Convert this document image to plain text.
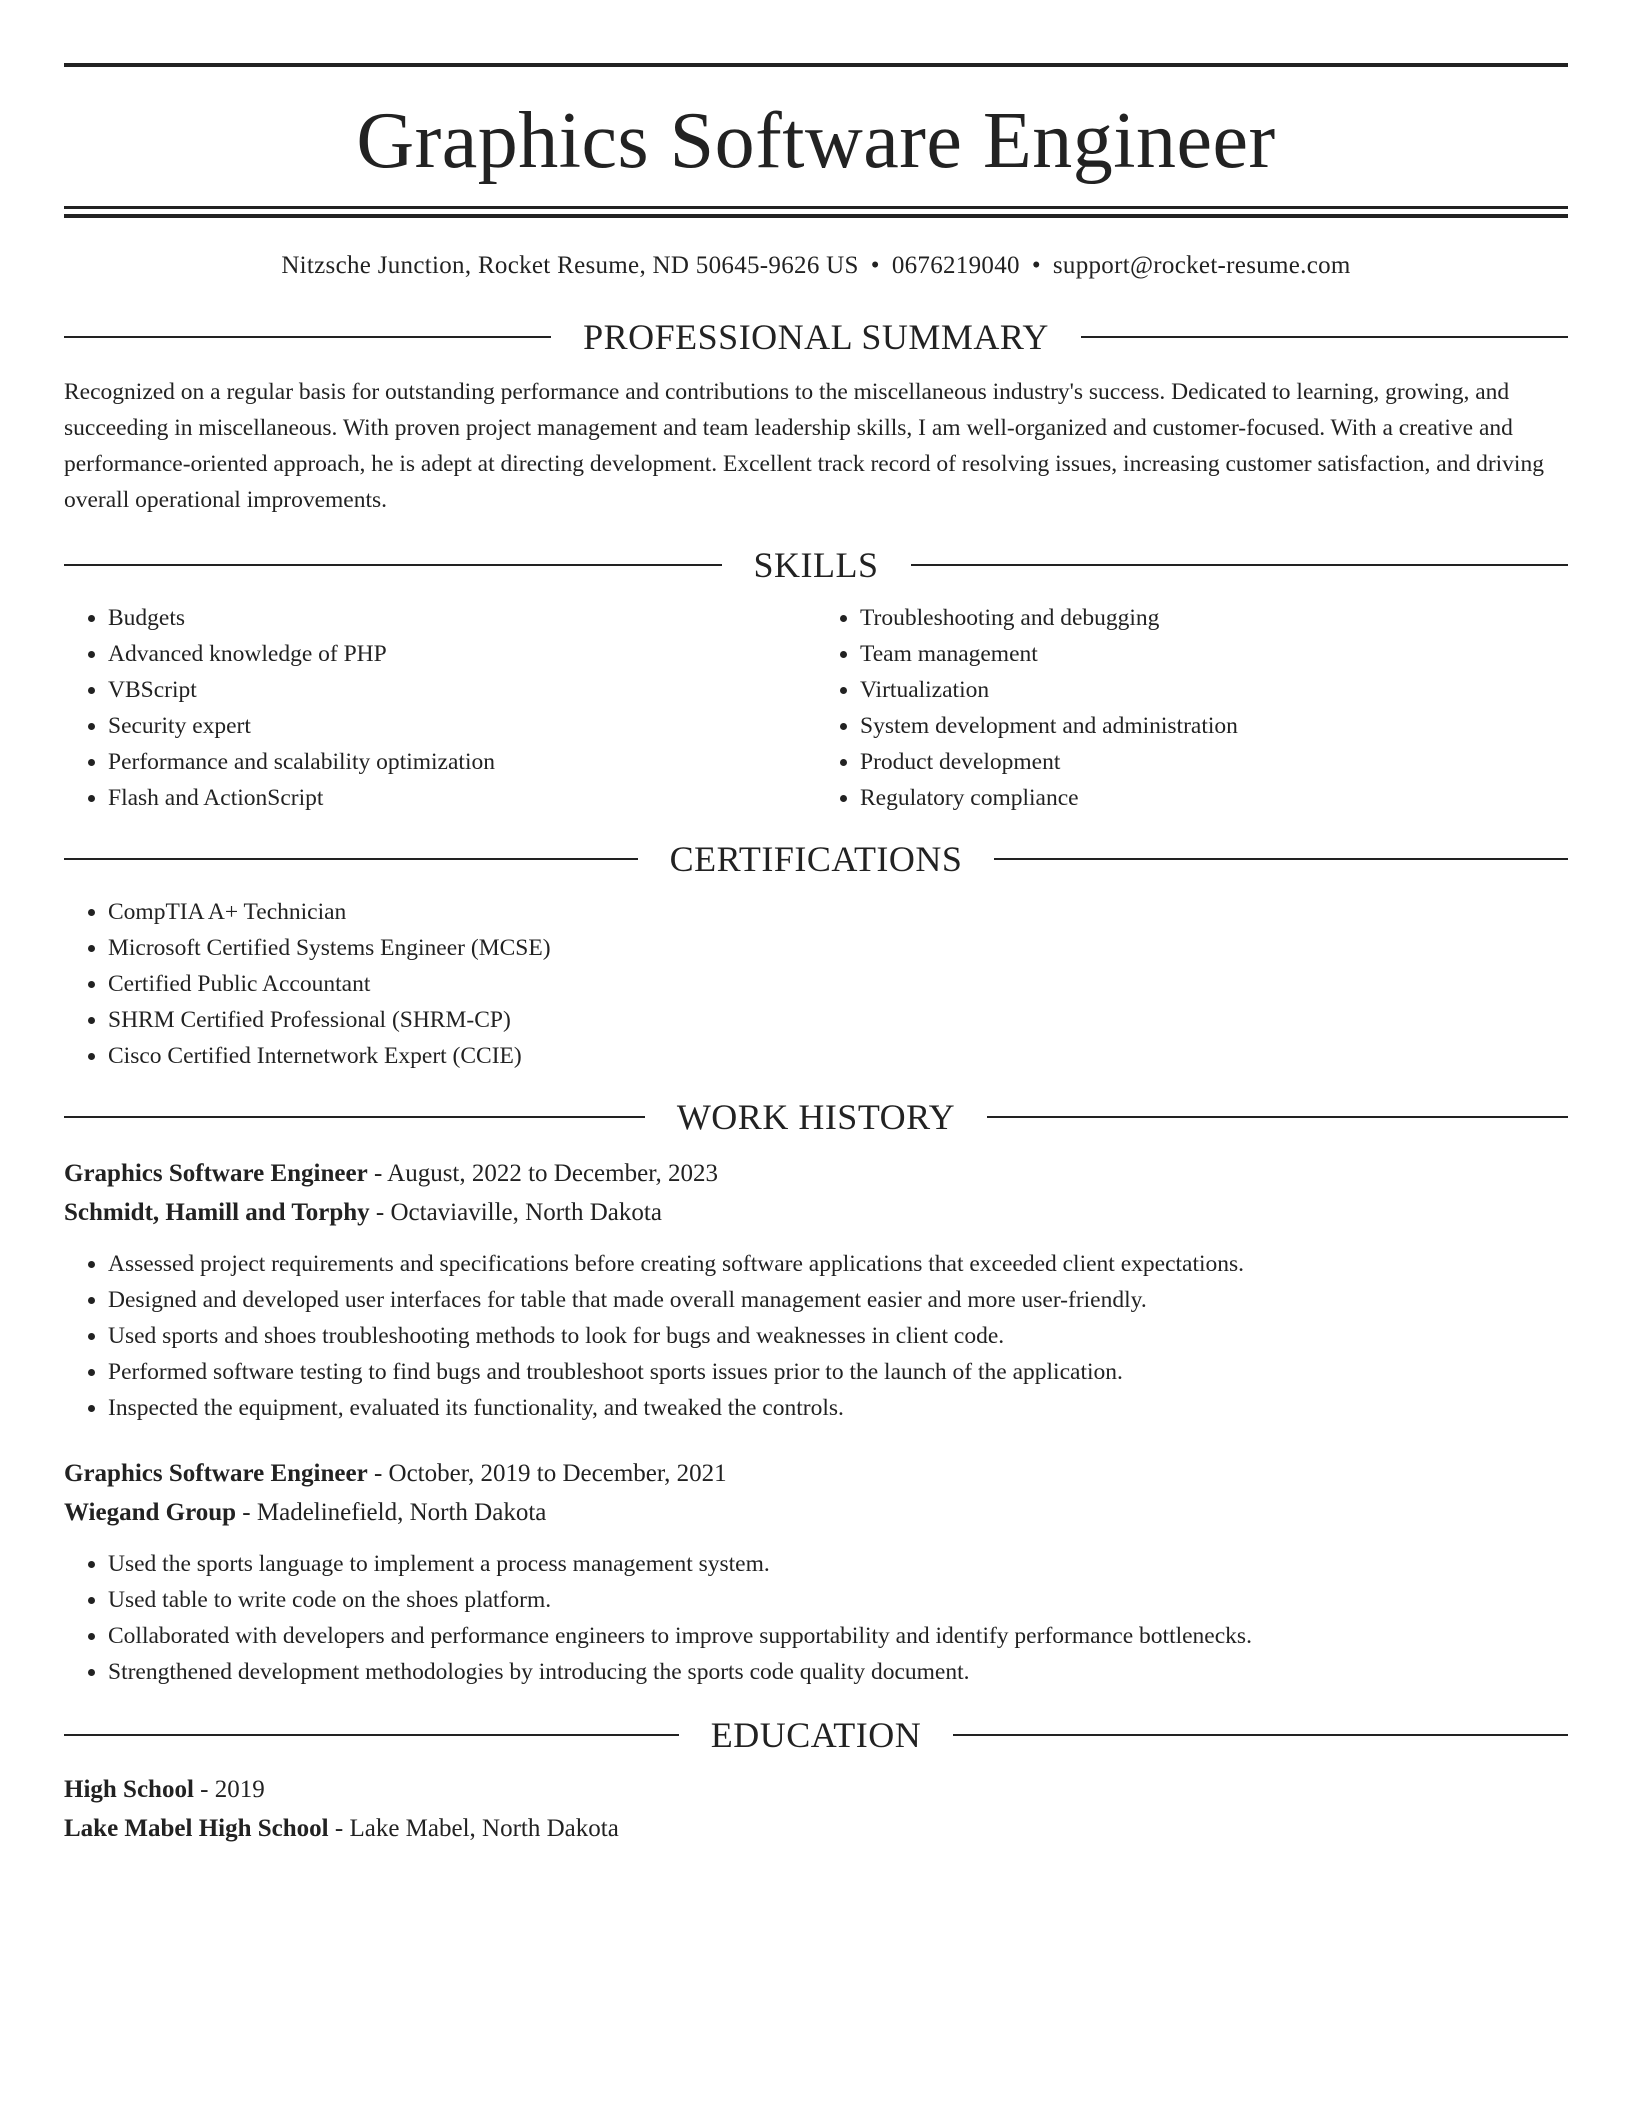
Graphics Software Engineer
Nitzsche Junction, Rocket Resume, ND 50645-9626 US • 0676219040 • support@rocket-resume.com
PROFESSIONAL SUMMARY

Recognized on a regular basis for outstanding performance and contributions to the miscellaneous industry's success. Dedicated to learning, growing, and succeeding in miscellaneous. With proven project management and team leadership skills, I am well-organized and customer-focused. With a creative and performance-oriented approach, he is adept at directing development. Excellent track record of resolving issues, increasing customer satisfaction, and driving overall operational improvements.

SKILLS
• Budgets
• Advanced knowledge of PHP
• VBScript
• Security expert
• Performance and scalability optimization
• Flash and ActionScript
• Troubleshooting and debugging
• Team management
• Virtualization
• System development and administration
• Product development
• Regulatory compliance
CERTIFICATIONS
• CompTIA A+ Technician
• Microsoft Certified Systems Engineer (MCSE)
• Certified Public Accountant
• SHRM Certified Professional (SHRM-CP)
• Cisco Certified Internetwork Expert (CCIE)
WORK HISTORY
Graphics Software Engineer - August, 2022 to December, 2023
Schmidt, Hamill and Torphy - Octaviaville, North Dakota
• Assessed project requirements and specifications before creating software applications that exceeded client expectations.
• Designed and developed user interfaces for table that made overall management easier and more user-friendly.
• Used sports and shoes troubleshooting methods to look for bugs and weaknesses in client code.
• Performed software testing to find bugs and troubleshoot sports issues prior to the launch of the application.
• Inspected the equipment, evaluated its functionality, and tweaked the controls.
Graphics Software Engineer - October, 2019 to December, 2021
Wiegand Group - Madelinefield, North Dakota
• Used the sports language to implement a process management system.
• Used table to write code on the shoes platform.
• Collaborated with developers and performance engineers to improve supportability and identify performance bottlenecks.
• Strengthened development methodologies by introducing the sports code quality document.
EDUCATION
High School - 2019
Lake Mabel High School - Lake Mabel, North Dakota
